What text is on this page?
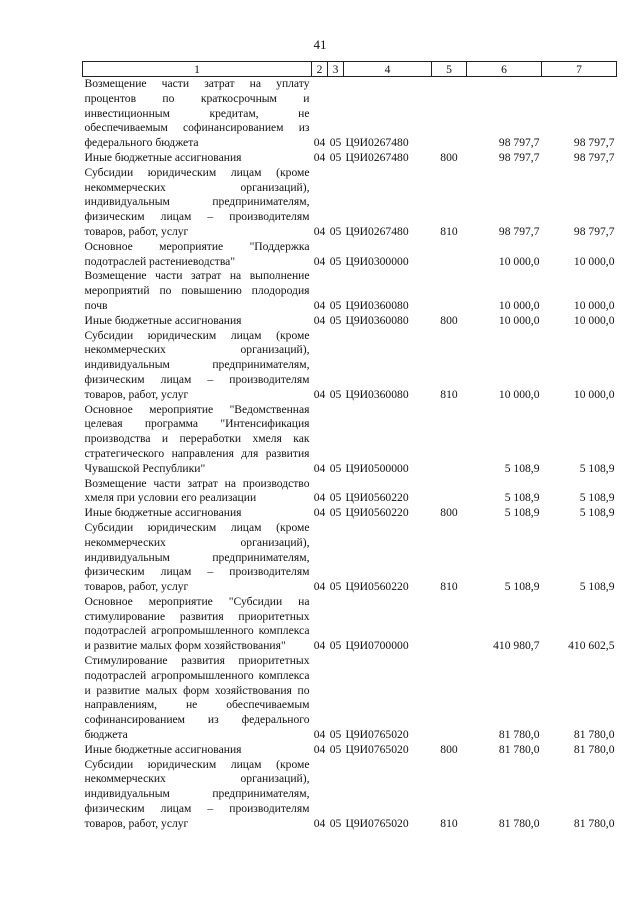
41
1	2	3	4	5	6	7
Возмещение части затрат на уплату процентов по краткосрочным и инвестиционным кредитам, не обеспечиваемым софинансированием из федерального бюджета	04	05	Ц9И0267480		98 797,7	98 797,7
Иные бюджетные ассигнования	04	05	Ц9И0267480	800	98 797,7	98 797,7
Субсидии юридическим лицам (кроме некоммерческих организаций), индивидуальным предпринимателям, физическим лицам – производителям товаров, работ, услуг	04	05	Ц9И0267480	810	98 797,7	98 797,7
Основное мероприятие "Поддержка подотраслей растениеводства"	04	05	Ц9И0300000		10 000,0	10 000,0
Возмещение части затрат на выполнение мероприятий по повышению плодородия почв	04	05	Ц9И0360080		10 000,0	10 000,0
Иные бюджетные ассигнования	04	05	Ц9И0360080	800	10 000,0	10 000,0
Субсидии юридическим лицам (кроме некоммерческих организаций), индивидуальным предпринимателям, физическим лицам – производителям товаров, работ, услуг	04	05	Ц9И0360080	810	10 000,0	10 000,0
Основное мероприятие "Ведомственная целевая программа "Интенсификация производства и переработки хмеля как стратегического направления для развития Чувашской Республики"	04	05	Ц9И0500000		5 108,9	5 108,9
Возмещение части затрат на производство хмеля при условии его реализации	04	05	Ц9И0560220		5 108,9	5 108,9
Иные бюджетные ассигнования	04	05	Ц9И0560220	800	5 108,9	5 108,9
Субсидии юридическим лицам (кроме некоммерческих организаций), индивидуальным предпринимателям, физическим лицам – производителям товаров, работ, услуг	04	05	Ц9И0560220	810	5 108,9	5 108,9
Основное мероприятие "Субсидии на стимулирование развития приоритетных подотраслей агропромышленного комплекса и развитие малых форм хозяйствования"	04	05	Ц9И0700000		410 980,7	410 602,5
Стимулирование развития приоритетных подотраслей агропромышленного комплекса и развитие малых форм хозяйствования по направлениям, не обеспечиваемым софинансированием из федерального бюджета	04	05	Ц9И0765020		81 780,0	81 780,0
Иные бюджетные ассигнования	04	05	Ц9И0765020	800	81 780,0	81 780,0
Субсидии юридическим лицам (кроме некоммерческих организаций), индивидуальным предпринимателям, физическим лицам – производителям товаров, работ, услуг	04	05	Ц9И0765020	810	81 780,0	81 780,0
